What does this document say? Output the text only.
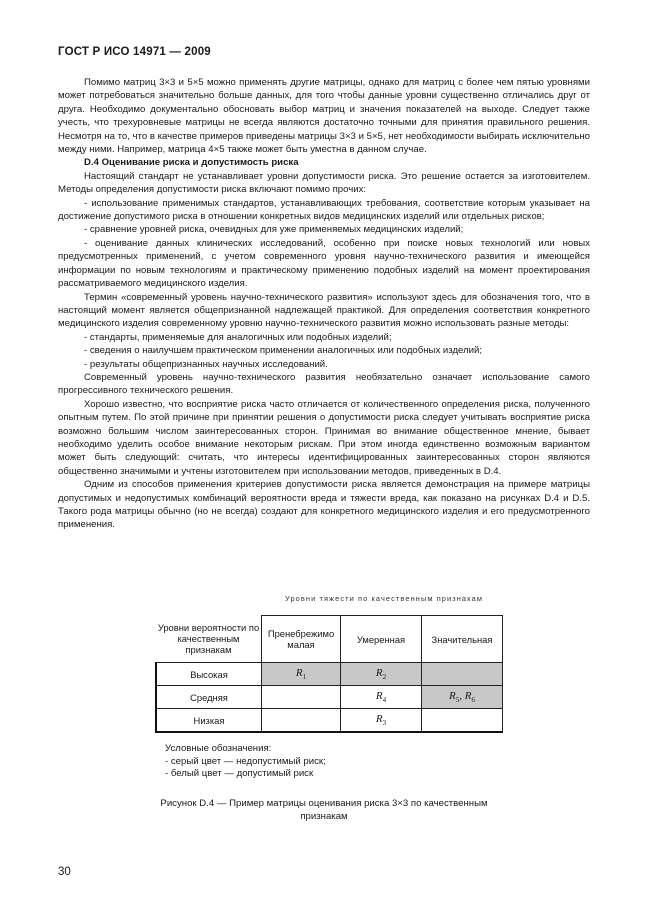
ГОСТ Р ИСО 14971 — 2009

Помимо матриц 3×3 и 5×5 можно применять другие матрицы, однако для матриц с более чем пятью уровнями может потребоваться значительно больше данных, для того чтобы данные уровни существенно отличались друг от друга. Необходимо документально обосновать выбор матриц и значения показателей на выходе. Следует также учесть, что трехуровневые матрицы не всегда являются достаточно точными для принятия правильного решения. Несмотря на то, что в качестве примеров приведены матрицы 3×3 и 5×5, нет необходимости выбирать исключительно между ними. Например, матрица 4×5 также может быть уместна в данном случае.

D.4 Оценивание риска и допустимость риска

Настоящий стандарт не устанавливает уровни допустимости риска. Это решение остается за изготовителем. Методы определения допустимости риска включают помимо прочих:

- использование применимых стандартов, устанавливающих требования, соответствие которым указывает на достижение допустимого риска в отношении конкретных видов медицинских изделий или отдельных рисков;

- сравнение уровней риска, очевидных для уже применяемых медицинских изделий;

- оценивание данных клинических исследований, особенно при поиске новых технологий или новых предусмотренных применений, с учетом современного уровня научно-технического развития и имеющейся информации по новым технологиям и практическому применению подобных изделий на момент проектирования рассматриваемого медицинского изделия.

Термин «современный уровень научно-технического развития» используют здесь для обозначения того, что в настоящий момент является общепризнанной надлежащей практикой. Для определения соответствия конкретного медицинского изделия современному уровню научно-технического развития можно использовать разные методы:

- стандарты, применяемые для аналогичных или подобных изделий;

- сведения о наилучшем практическом применении аналогичных или подобных изделий;

- результаты общепризнанных научных исследований.

Современный уровень научно-технического развития необязательно означает использование самого прогрессивного технического решения.

Хорошо известно, что восприятие риска часто отличается от количественного определения риска, полученного опытным путем. По этой причине при принятии решения о допустимости риска следует учитывать восприятие риска возможно большим числом заинтересованных сторон. Принимая во внимание общественное мнение, бывает необходимо уделить особое внимание некоторым рискам. При этом иногда единственно возможным вариантом может быть следующий: считать, что интересы идентифицированных заинтересованных сторон являются общественно значимыми и учтены изготовителем при использовании методов, приведенных в D.4.

Одним из способов применения критериев допустимости риска является демонстрация на примере матрицы допустимых и недопустимых комбинаций вероятности вреда и тяжести вреда, как показано на рисунках D.4 и D.5. Такого рода матрицы обычно (но не всегда) создают для конкретного медицинского изделия и его предусмотренного применения.

Уровни тяжести по качественным признакам
Уровни вероятности по качественным признакам	Пренебрежимо малая	Умеренная	Значительная
Высокая	$R_1$	$R_2$	
Средняя		$R_4$	$R_5$, $R_6$
Низкая		$R_3$	
Условные обозначения:
- серый цвет — недопустимый риск;
- белый цвет — допустимый риск
Рисунок D.4 — Пример матрицы оценивания риска 3×3 по качественным
признакам
30
